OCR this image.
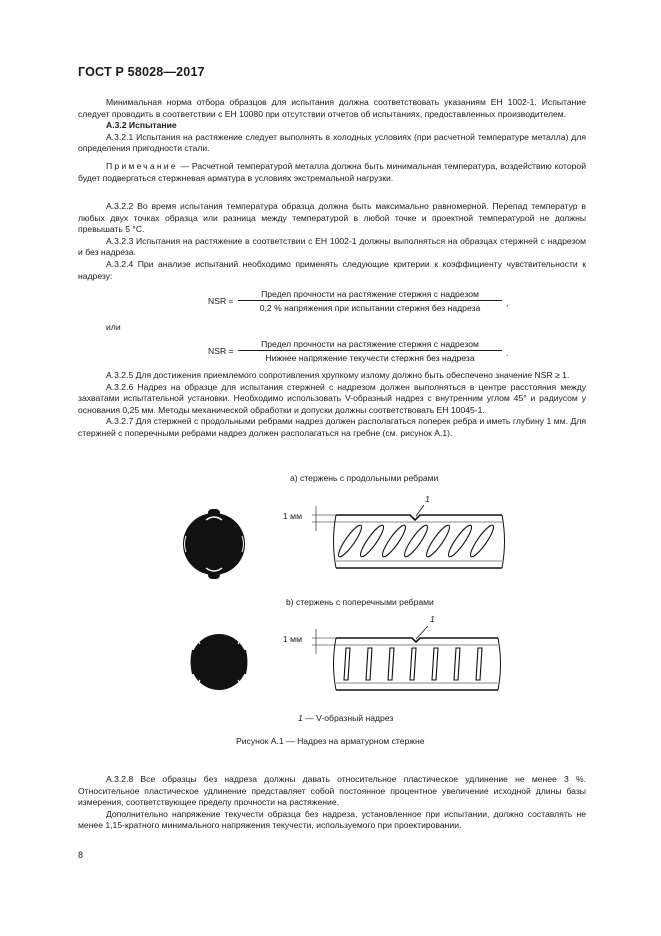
ГОСТ Р 58028—2017

Минимальная норма отбора образцов для испытания должна соответствовать указаниям ЕН 1002-1. Испытание следует проводить в соответствии с ЕН 10080 при отсутствии отчетов об испытаниях, предоставленных производителем.

А.3.2 Испытание

А.3.2.1 Испытания на растяжение следует выполнять в холодных условиях (при расчетной температуре металла) для определения пригодности стали.

Примечание — Расчетной температурой металла должна быть минимальная температура, воздействию которой будет подвергаться стержневая арматура в условиях экстремальной нагрузки.

А.3.2.2 Во время испытания температура образца должна быть максимально равномерной. Перепад температур в любых двух точках образца или разница между температурой в любой точке и проектной температурой не должны превышать 5 °С.

А.3.2.3 Испытания на растяжение в соответствии с ЕН 1002-1 должны выполняться на образцах стержней с надрезом и без надреза.

А.3.2.4 При анализе испытаний необходимо применять следующие критерии к коэффициенту чувствительности к надрезу:

NSR =
Предел прочности на растяжение стержня с надрезом
0,2 % напряжения при испытании стержня без надреза	,
или
NSR =
Предел прочности на растяжение стержня с надрезом
Нижнее напряжение текучести стержня без надреза	.

А.3.2.5 Для достижения приемлемого сопротивления хрупкому излому должно быть обеспечено значение NSR ≥ 1.

А.3.2.6 Надрез на образце для испытания стержней с надрезом должен выполняться в центре расстояния между захватами испытательной установки. Необходимо использовать V-образный надрез с внутренним углом 45° и радиусом у основания 0,25 мм. Методы механической обработки и допуски должны соответствовать ЕН 10045-1.

А.3.2.7 Для стержней с продольными ребрами надрез должен располагаться поперек ребра и иметь глубину 1 мм. Для стержней с поперечными ребрами надрез должен располагаться на гребне (см. рисунок А.1).

а) стержень с продольными ребрами
1 мм
1
b) стержень с поперечными ребрами
1 мм
1
1 — V-образный надрез
Рисунок А.1 — Надрез на арматурном стержне

А.3.2.8 Все образцы без надреза должны давать относительное пластическое удлинение не менее 3 %. Относительное пластическое удлинение представляет собой постоянное процентное увеличение исходной длины базы измерения, соответствующее пределу прочности на растяжение.

Дополнительно напряжение текучести образца без надреза, установленное при испытании, должно составлять не менее 1,15-кратного минимального напряжения текучести, используемого при проектировании.

8
